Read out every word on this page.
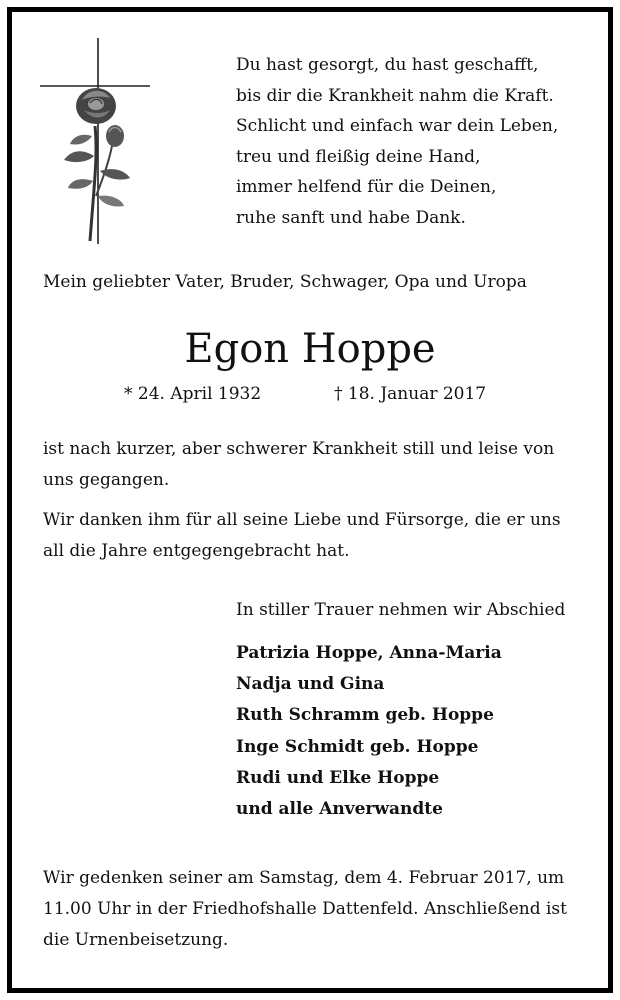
Du hast gesorgt, du hast geschafft,
bis dir die Krankheit nahm die Kraft.
Schlicht und einfach war dein Leben,
treu und fleißig deine Hand,
immer helfend für die Deinen,
ruhe sanft und habe Dank.
Mein geliebter Vater, Bruder, Schwager, Opa und Uropa
Egon Hoppe
* 24. April 1932	† 18. Januar 2017
ist nach kurzer, aber schwerer Krankheit still und leise von uns gegangen.
Wir danken ihm für all seine Liebe und Fürsorge, die er uns all die Jahre entgegengebracht hat.
In stiller Trauer nehmen wir Abschied
Patrizia Hoppe, Anna-Maria
Nadja und Gina
Ruth Schramm geb. Hoppe
Inge Schmidt geb. Hoppe
Rudi und Elke Hoppe
und alle Anverwandte
Wir gedenken seiner am Samstag, dem 4. Februar 2017, um 11.00 Uhr in der Friedhofshalle Dattenfeld. Anschließend ist die Urnenbeisetzung.
